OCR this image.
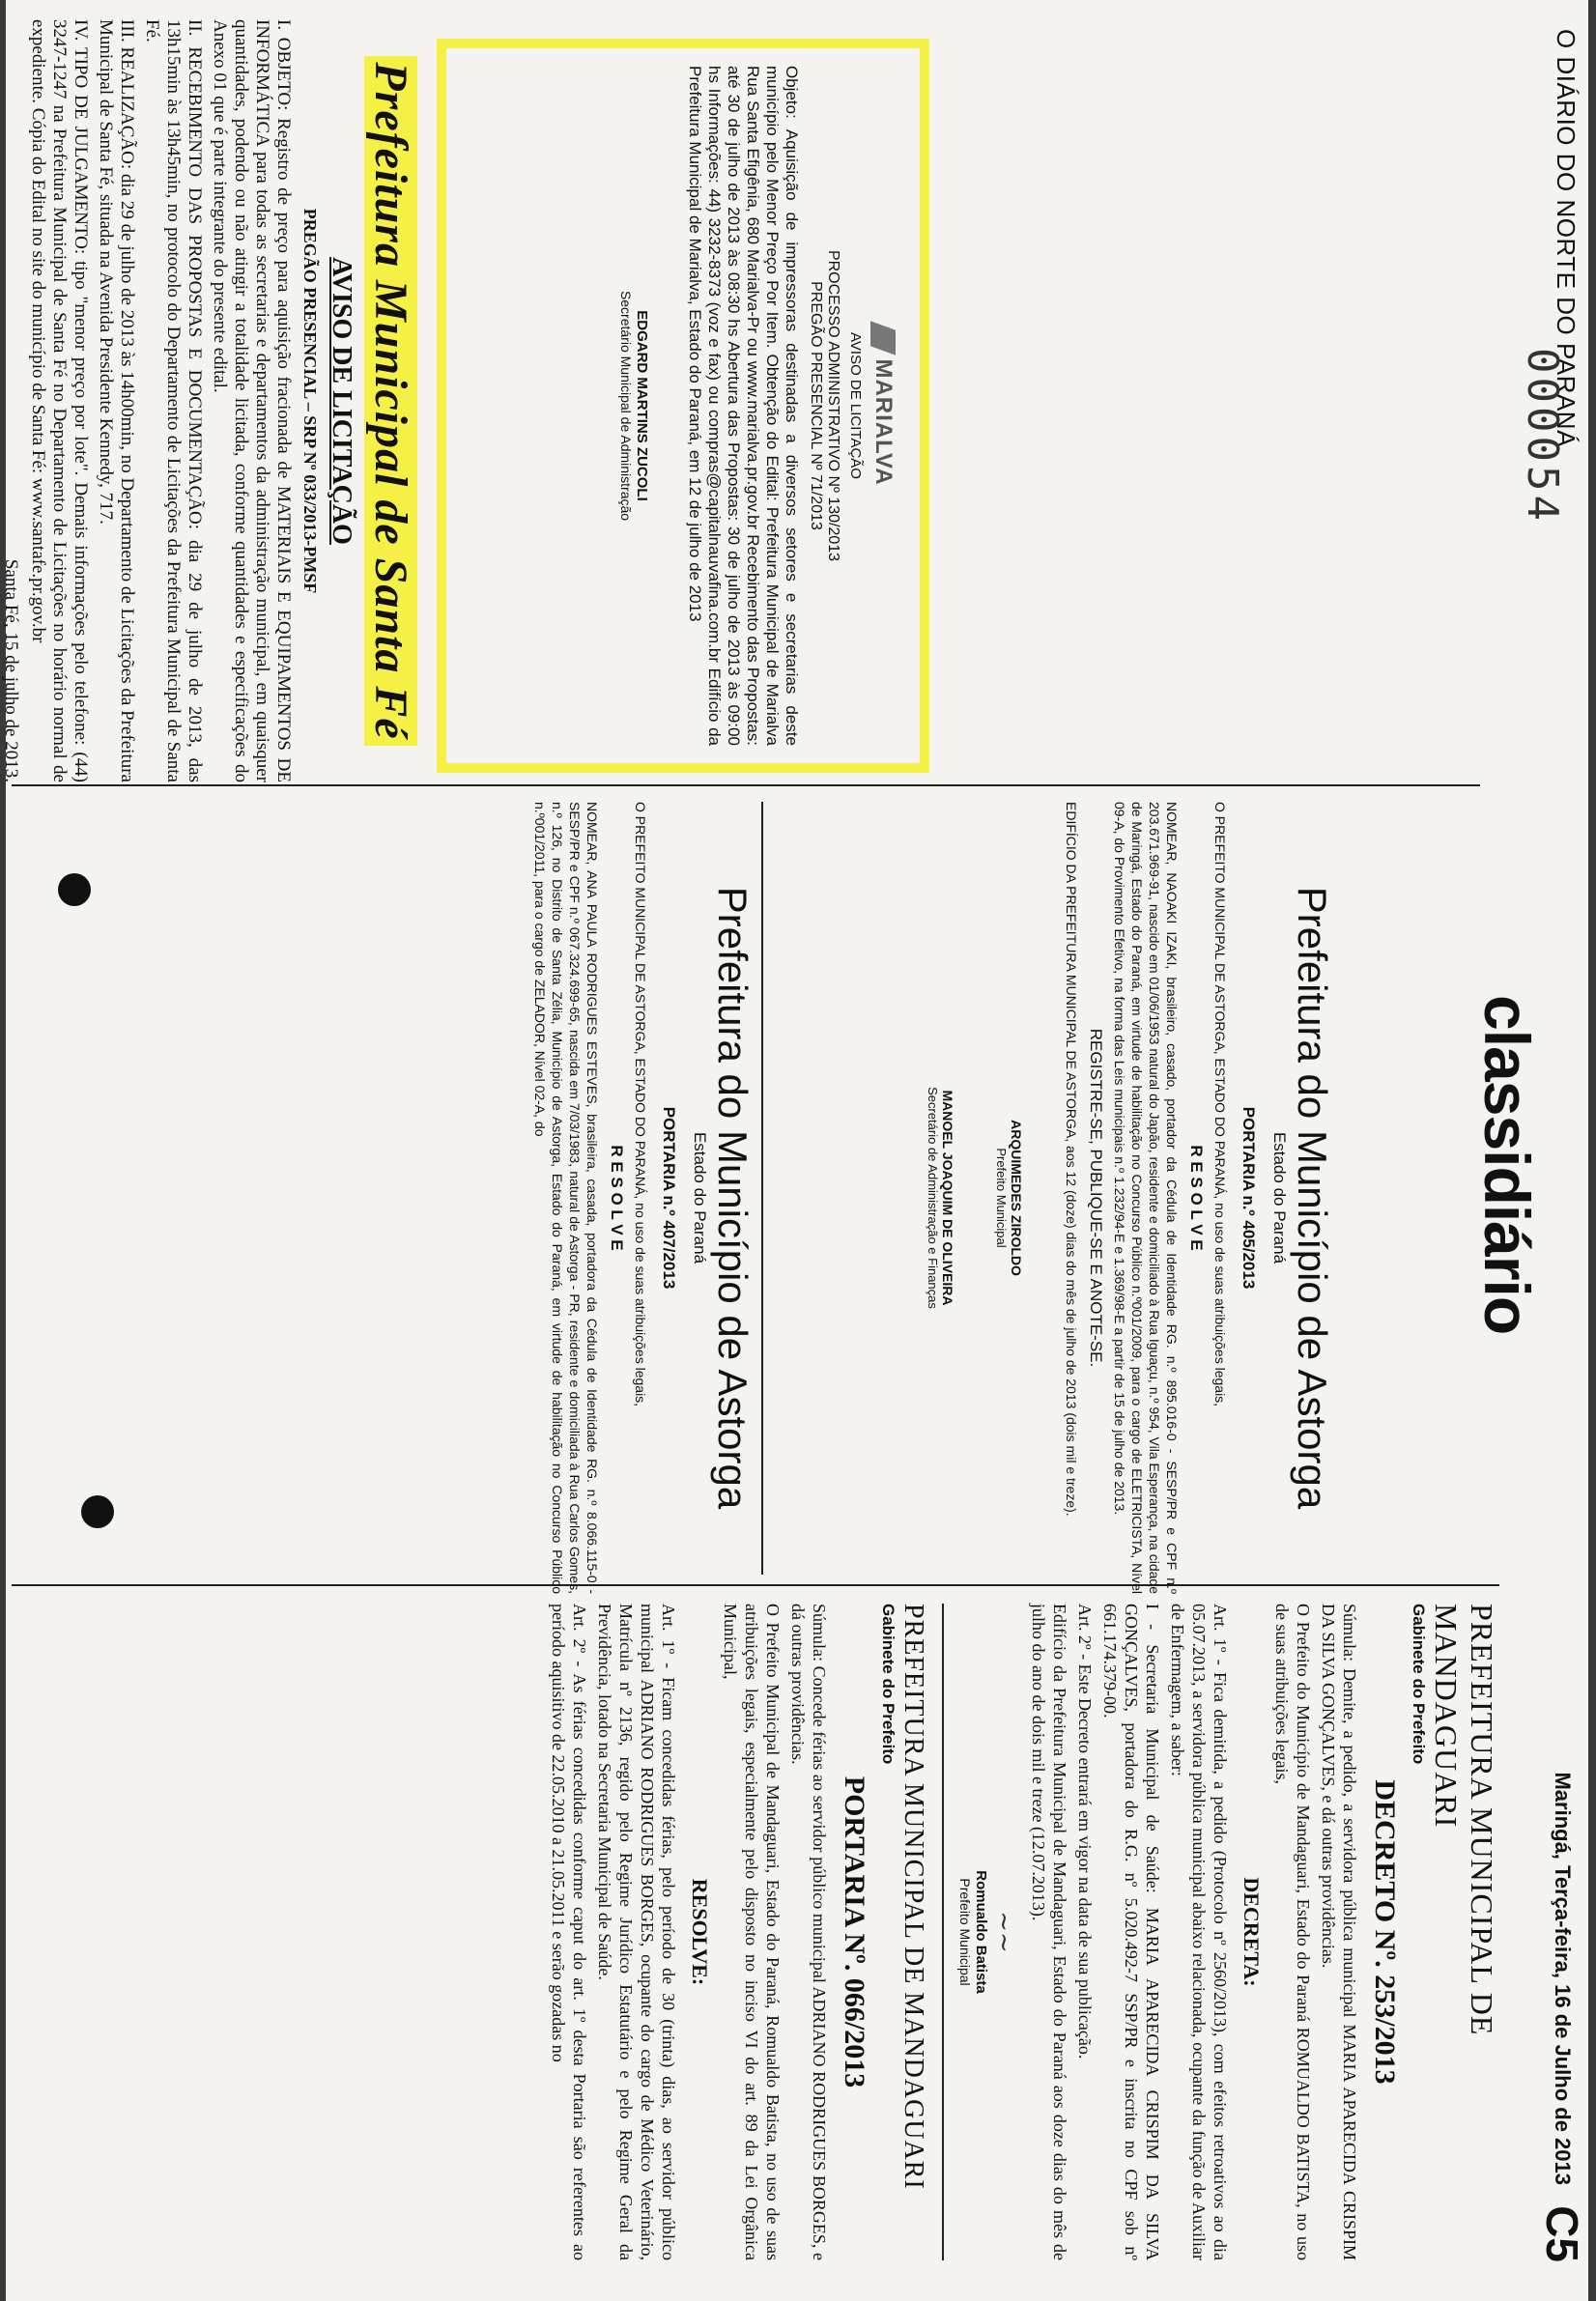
O DIÁRIO DO NORTE DO PARANÁ
000054
classidiário
Maringá, Terça-feira, 16 de Julho de 2013
C5
MARIALVA
AVISO DE LICITAÇÃO
PROCESSO ADMINISTRATIVO Nº 130/2013
PREGÃO PRESENCIAL Nº 71/2013

Objeto: Aquisição de impressoras destinadas a diversos setores e secretarias deste município pelo Menor Preço Por Item. Obtenção do Edital: Prefeitura Municipal de Marialva Rua Santa Efigênia, 680 Marialva-Pr ou www.marialva.pr.gov.br Recebimento das Propostas: até 30 de julho de 2013 às 08:30 hs Abertura das Propostas: 30 de julho de 2013 às 09:00 hs Informações: 44) 3232-8373 (voz e fax) ou compras@capitalnauvafina.com.br Edifício da Prefeitura Municipal de Marialva, Estado do Paraná, em 12 de julho de 2013

EDGARD MARTINS ZUCOLI
Secretário Municipal de Administração
Prefeitura Municipal de Santa Fé
AVISO DE LICITAÇÃO
PREGÃO PRESENCIAL – SRP Nº 033/2013-PMSF

I. OBJETO: Registro de preço para aquisição fracionada de MATERIAIS E EQUIPAMENTOS DE INFORMÁTICA para todas as secretarias e departamentos da administração municipal, em quaisquer quantidades, podendo ou não atingir a totalidade licitada, conforme quantidades e especificações do Anexo 01 que é parte integrante do presente edital.

II. RECEBIMENTO DAS PROPOSTAS E DOCUMENTAÇÃO: dia 29 de julho de 2013, das 13h15min às 13h45min, no protocolo do Departamento de Licitações da Prefeitura Municipal de Santa Fé.

III. REALIZAÇÃO: dia 29 de julho de 2013 às 14h00min, no Departamento de Licitações da Prefeitura Municipal de Santa Fé, situada na Avenida Presidente Kennedy, 717.

IV. TIPO DE JULGAMENTO: tipo "menor preço por lote". Demais informações pelo telefone: (44) 3247-1247 na Prefeitura Municipal de Santa Fé no Departamento de Licitações no horário normal de expediente. Cópia do Edital no site do município de Santa Fé: www.santafe.pr.gov.br

Santa Fé, 15 de julho de 2013.
Prefeitura do Município de Astorga
Estado do Paraná
PORTARIA n.º 405/2013

O PREFEITO MUNICIPAL DE ASTORGA, ESTADO DO PARANÁ, no uso de suas atribuições legais,

R E S O L V E

NOMEAR, NAOAKI IZAKI, brasileiro, casado, portador da Cédula de Identidade RG. n.º 895.016-0 - SESP/PR e CPF n.º 203.671.969-91, nascido em 01/06/1953 natural do Japão, residente e domiciliado à Rua Iguaçu, n.º 954, Vila Esperança, na cidade de Maringá, Estado do Paraná, em virtude de habilitação no Concurso Público n.º001/2009, para o cargo de ELETRICISTA, Nível 09-A, do Provimento Efetivo, na forma das Leis municipais n.º 1.232/94-E e 1.369/98-E a partir de 15 de julho de 2013.

REGISTRE-SE, PUBLIQUE-SE E ANOTE-SE.

EDIFÍCIO DA PREFEITURA MUNICIPAL DE ASTORGA, aos 12 (doze) dias do mês de julho de 2013 (dois mil e treze).

ARQUIMEDES ZIROLDO
Prefeito Municipal
MANOEL JOAQUIM DE OLIVEIRA
Secretário de Administração e Finanças
Prefeitura do Município de Astorga
Estado do Paraná
PORTARIA n.º 407/2013

O PREFEITO MUNICIPAL DE ASTORGA, ESTADO DO PARANÁ, no uso de suas atribuições legais,

R E S O L V E

NOMEAR, ANA PAULA RODRIGUES ESTEVES, brasileira, casada, portadora da Cédula de Identidade RG. n.º 8.066.115-0 -SESP/PR e CPF n.º 067.324.699-65, nascida em 7/03/1983, natural de Astorga - PR, residente e domiciliada à Rua Carlos Gomes, n.º 126, no Distrito de Santa Zélia, Município de Astorga, Estado do Paraná, em virtude de habilitação no Concurso Público n.º001/2011, para o cargo de ZELADOR, Nível 02-A, do

PREFEITURA MUNICIPAL DE MANDAGUARI
Gabinete do Prefeito
DECRETO Nº. 253/2013

Súmula: Demite, a pedido, a servidora pública municipal MARIA APARECIDA CRISPIM DA SILVA GONÇALVES, e dá outras providências.

O Prefeito do Município de Mandaguari, Estado do Paraná ROMUALDO BATISTA, no uso de suas atribuições legais,

DECRETA:

Art. 1º - Fica demitida, a pedido (Protocolo nº 2560/2013), com efeitos retroativos ao dia 05.07.2013, a servidora pública municipal abaixo relacionada, ocupante da função de Auxiliar de Enfermagem, a saber:

I - Secretaria Municipal de Saúde: MARIA APARECIDA CRISPIM DA SILVA GONÇALVES, portadora do R.G. nº 5.020.492-7 SSP/PR e inscrita no CPF sob nº 661.174.379-00.

Art. 2º - Este Decreto entrará em vigor na data de sua publicação.

Edifício da Prefeitura Municipal de Mandaguari, Estado do Paraná aos doze dias do mês de julho do ano de dois mil e treze (12.07.2013).

~~
Romualdo Batista
Prefeito Municipal
PREFEITURA MUNICIPAL DE MANDAGUARI
Gabinete do Prefeito
PORTARIA Nº. 066/2013

Súmula: Concede férias ao servidor público municipal ADRIANO RODRIGUES BORGES, e dá outras providências.

O Prefeito Municipal de Mandaguari, Estado do Paraná, Romualdo Batista, no uso de suas atribuições legais, especialmente pelo disposto no inciso VI do art. 89 da Lei Orgânica Municipal,

RESOLVE:

Art. 1º - Ficam concedidas férias, pelo período de 30 (trinta) dias, ao servidor público municipal ADRIANO RODRIGUES BORGES, ocupante do cargo de Médico Veterinário, Matrícula nº 2136, regido pelo Regime Jurídico Estatutário e pelo Regime Geral da Previdência, lotado na Secretaria Municipal de Saúde.

Art. 2º - As férias concedidas conforme caput do art. 1º desta Portaria são referentes ao período aquisitivo de 22.05.2010 a 21.05.2011 e serão gozadas no
